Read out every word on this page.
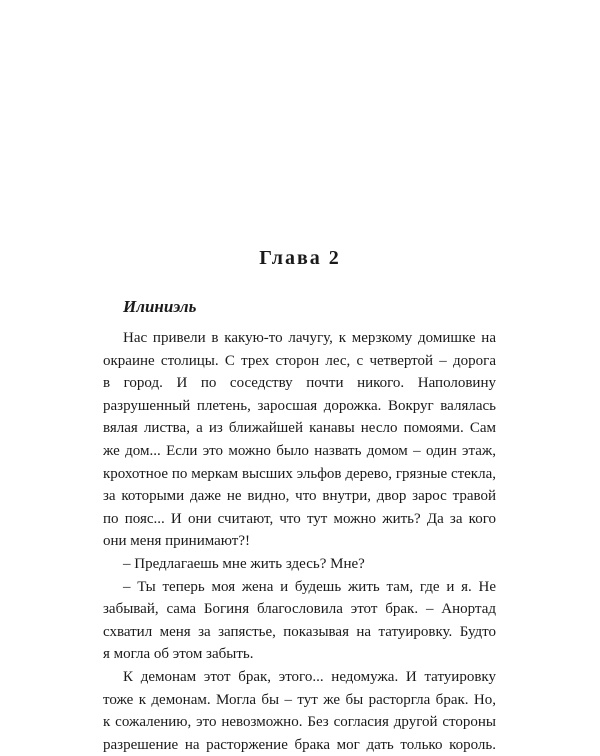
Глава 2
Илиниэль
Нас привели в какую-то лачугу, к мерзкому домишке на
окраине столицы. С трех сторон лес, с четвертой – дорога
в город. И по соседству почти никого. Наполовину
разрушенный плетень, заросшая дорожка. Вокруг валялась
вялая листва, а из ближайшей канавы несло помоями. Сам
же дом... Если это можно было назвать домом – один этаж,
крохотное по меркам высших эльфов дерево, грязные стекла,
за которыми даже не видно, что внутри, двор зарос травой
по пояс... И они считают, что тут можно жить? Да за кого
они меня принимают?!
– Предлагаешь мне жить здесь? Мне?
– Ты теперь моя жена и будешь жить там, где и я. Не
забывай, сама Богиня благословила этот брак. – Анортад
схватил меня за запястье, показывая на татуировку. Будто
я могла об этом забыть.
К демонам этот брак, этого... недомужа. И татуировку
тоже к демонам. Могла бы – тут же бы расторгла брак. Но,
к сожалению, это невозможно. Без согласия другой стороны
разрешение на расторжение брака мог дать только король.
